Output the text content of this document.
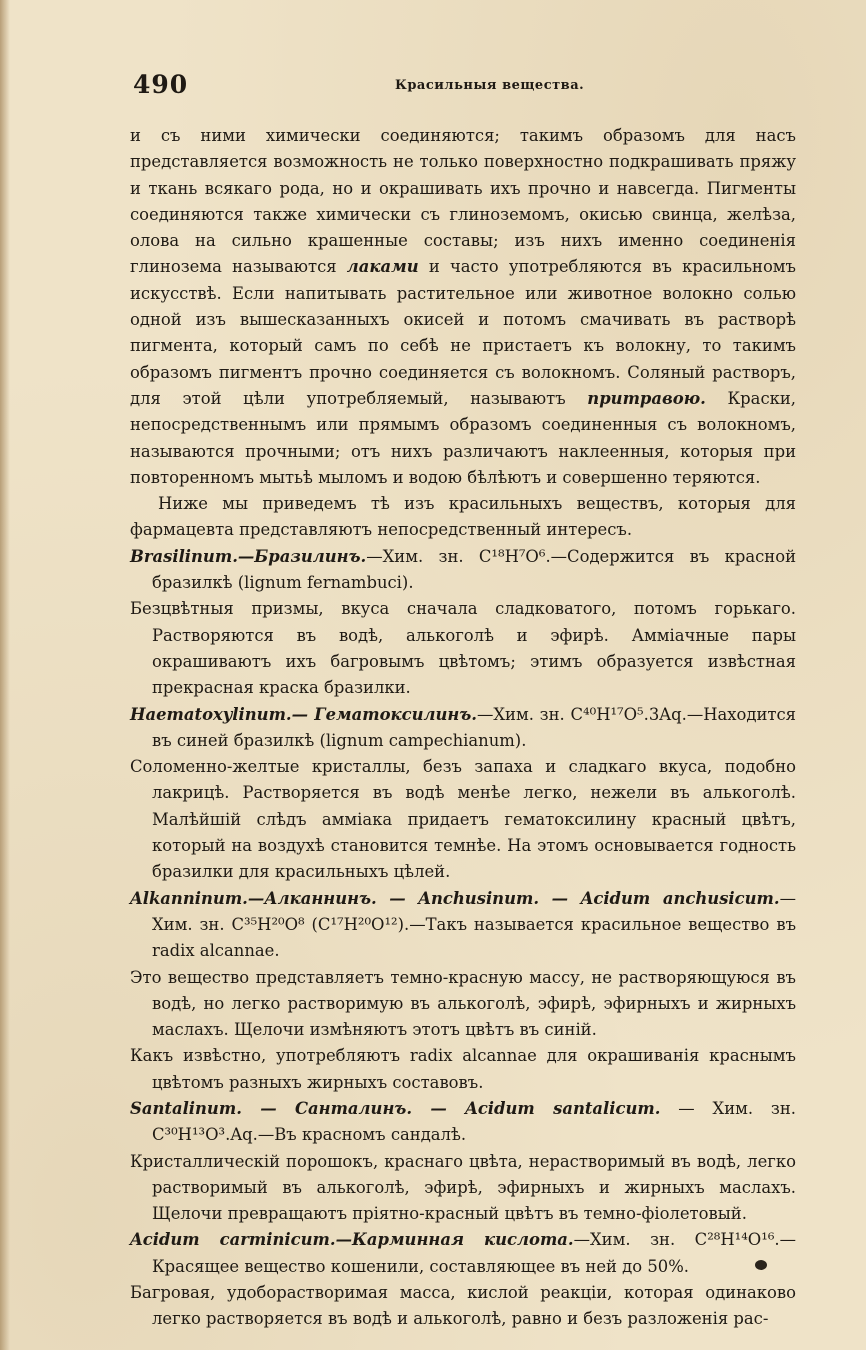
490	Красильныя вещества.

и съ ними химически соединяются; такимъ образомъ для насъ представляется возможность не только поверхностно подкрашивать пряжу и ткань всякаго рода, но и окрашивать ихъ прочно и навсегда. Пигменты соединяются также химически съ глиноземомъ, окисью свинца, желѣза, олова на сильно крашенные составы; изъ нихъ именно соединенія глинозема называются лаками и часто употребляются въ красильномъ искусствѣ. Если напитывать растительное или животное волокно солью одной изъ вышесказанныхъ окисей и потомъ смачивать въ растворѣ пигмента, который самъ по себѣ не пристаетъ къ волокну, то такимъ образомъ пигментъ прочно соединяется съ волокномъ. Соляный растворъ, для этой цѣли употребляемый, называютъ притравою. Краски, непосредственнымъ или прямымъ образомъ соединенныя съ волокномъ, называются прочными; отъ нихъ различаютъ наклеенныя, которыя при повторенномъ мытьѣ мыломъ и водою бѣлѣютъ и совершенно теряются.

Ниже мы приведемъ тѣ изъ красильныхъ веществъ, которыя для фармацевта представляютъ непосредственный интересъ.

Brasilinum.—Бразилинъ.—Хим. зн. C¹⁸H⁷O⁶.—Содержится въ красной бразилкѣ (lignum fernambuci).

Безцвѣтныя призмы, вкуса сначала сладковатого, потомъ горькаго. Растворяются въ водѣ, алькоголѣ и эфирѣ. Амміачные пары окрашиваютъ ихъ багровымъ цвѣтомъ; этимъ образуется извѣстная прекрасная краска бразилки.

Haematoxylinum.— Гематоксилинъ.—Хим. зн. C⁴⁰H¹⁷O⁵.3Aq.—Находится въ синей бразилкѣ (lignum campechianum).

Соломенно-желтые кристаллы, безъ запаха и сладкаго вкуса, подобно лакрицѣ. Растворяется въ водѣ менѣе легко, нежели въ алькоголѣ. Малѣйшій слѣдъ амміака придаетъ гематоксилину красный цвѣтъ, который на воздухѣ становится темнѣе. На этомъ основывается годность бразилки для красильныхъ цѣлей.

Alkanninum.—Алканнинъ. — Anchusinum. — Acidum anchusicum.— Хим. зн. C³⁵H²⁰O⁸ (C¹⁷H²⁰O¹²).—Такъ называется красильное вещество въ radix alcannae.

Это вещество представляетъ темно-красную массу, не растворяющуюся въ водѣ, но легко растворимую въ алькоголѣ, эфирѣ, эфирныхъ и жирныхъ маслахъ. Щелочи измѣняютъ этотъ цвѣтъ въ синій.

Какъ извѣстно, употребляютъ radix alcannae для окрашиванія краснымъ цвѣтомъ разныхъ жирныхъ составовъ.

Santalinum. — Санталинъ. — Acidum santalicum. — Хим. зн. C³⁰H¹³O³.Aq.—Въ красномъ сандалѣ.

Кристаллическій порошокъ, краснаго цвѣта, нерастворимый въ водѣ, легко растворимый въ алькоголѣ, эфирѣ, эфирныхъ и жирныхъ маслахъ. Щелочи превращаютъ пріятно-красный цвѣтъ въ темно-фіолетовый.

Acidum carminicum.—Карминная кислота.—Хим. зн. C²⁸H¹⁴O¹⁶.— Красящее вещество кошенили, составляющее въ ней до 50%.

Багровая, удоборастворимая масса, кислой реакціи, которая одинаково легко растворяется въ водѣ и алькоголѣ, равно и безъ разложенія рас-
